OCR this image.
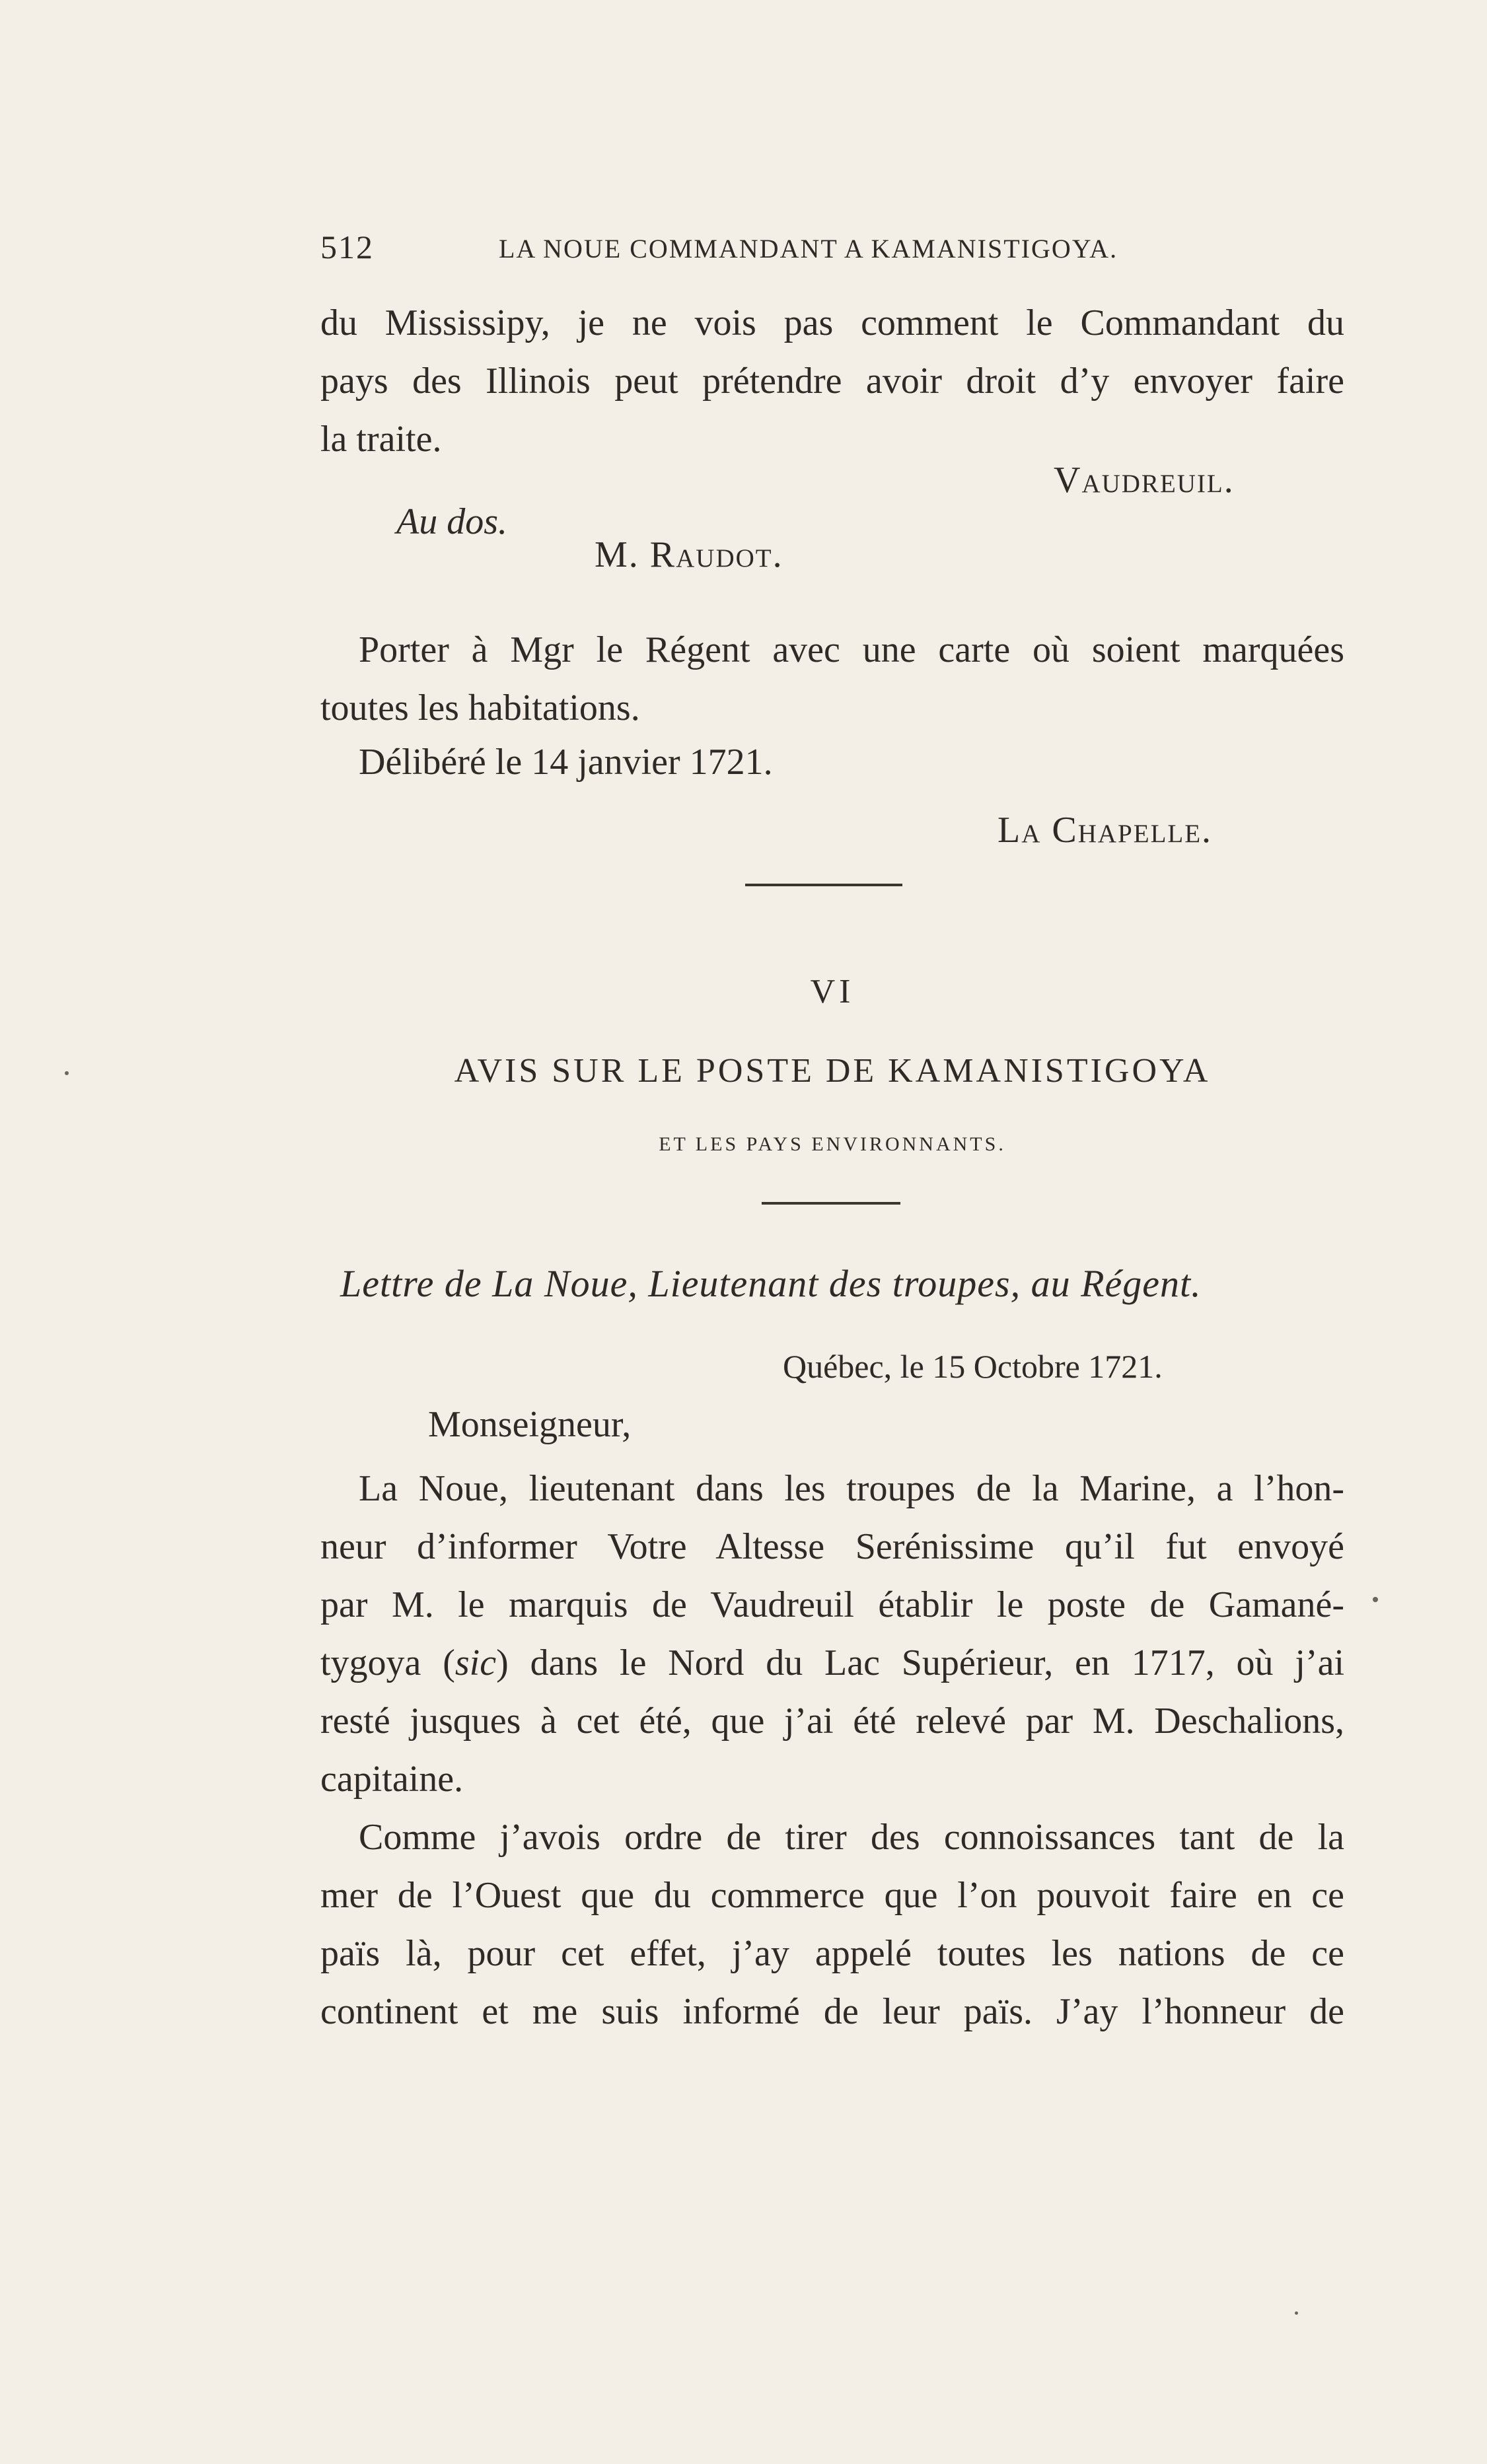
512	LA NOUE COMMANDANT A KAMANISTIGOYA.
du Mississipy, je ne vois pas comment le Commandant du
pays des Illinois peut prétendre avoir droit d’y envoyer faire
la traite.
Vaudreuil.
Au dos.
M. Raudot.
Porter à Mgr le Régent avec une carte où soient marquées
toutes les habitations.
Délibéré le 14 janvier 1721.
La Chapelle.
VI
AVIS SUR LE POSTE DE KAMANISTIGOYA
ET LES PAYS ENVIRONNANTS.
Lettre de La Noue, Lieutenant des troupes, au Régent.
Québec, le 15 Octobre 1721.
Monseigneur,
La Noue, lieutenant dans les troupes de la Marine, a l’hon-
neur d’informer Votre Altesse Serénissime qu’il fut envoyé
par M. le marquis de Vaudreuil établir le poste de Gamané-
tygoya (sic) dans le Nord du Lac Supérieur, en 1717, où j’ai
resté jusques à cet été, que j’ai été relevé par M. Deschalions,
capitaine.
Comme j’avois ordre de tirer des connoissances tant de la
mer de l’Ouest que du commerce que l’on pouvoit faire en ce
païs là, pour cet effet, j’ay appelé toutes les nations de ce
continent et me suis informé de leur païs. J’ay l’honneur de
